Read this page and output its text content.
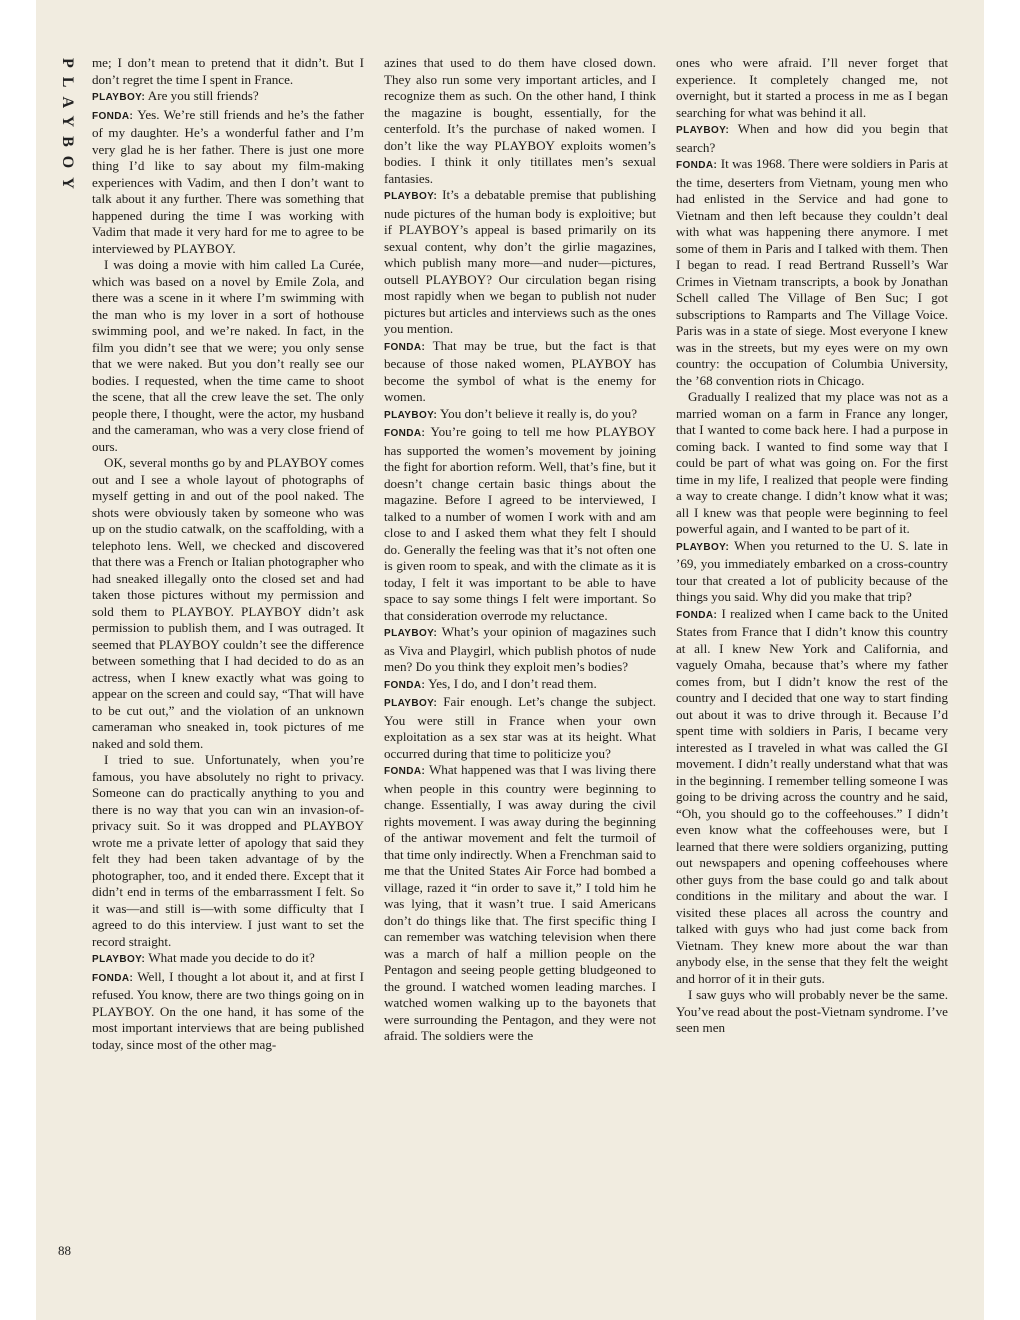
PLAYBOY me; I don’t mean to pretend that it didn’t. But I don’t regret the time I spent in France.

PLAYBOY: Are you still friends?

FONDA: Yes. We’re still friends and he’s the father of my daughter. He’s a wonderful father and I’m very glad he is her father. There is just one more thing I’d like to say about my film-making experiences with Vadim, and then I don’t want to talk about it any further. There was something that happened during the time I was working with Vadim that made it very hard for me to agree to be interviewed by PLAYBOY.

I was doing a movie with him called La Curée, which was based on a novel by Emile Zola, and there was a scene in it where I’m swimming with the man who is my lover in a sort of hothouse swimming pool, and we’re naked. In fact, in the film you didn’t see that we were; you only sense that we were naked. But you don’t really see our bodies. I requested, when the time came to shoot the scene, that all the crew leave the set. The only people there, I thought, were the actor, my husband and the cameraman, who was a very close friend of ours.

OK, several months go by and PLAYBOY comes out and I see a whole layout of photographs of myself getting in and out of the pool naked. The shots were obviously taken by someone who was up on the studio catwalk, on the scaffolding, with a telephoto lens. Well, we checked and discovered that there was a French or Italian photographer who had sneaked illegally onto the closed set and had taken those pictures without my permission and sold them to PLAYBOY. PLAYBOY didn’t ask permission to publish them, and I was outraged. It seemed that PLAYBOY couldn’t see the difference between something that I had decided to do as an actress, when I knew exactly what was going to appear on the screen and could say, “That will have to be cut out,” and the violation of an unknown cameraman who sneaked in, took pictures of me naked and sold them.

I tried to sue. Unfortunately, when you’re famous, you have absolutely no right to privacy. Someone can do practically anything to you and there is no way that you can win an invasion-of-privacy suit. So it was dropped and PLAYBOY wrote me a private letter of apology that said they felt they had been taken advantage of by the photographer, too, and it ended there. Except that it didn’t end in terms of the embarrassment I felt. So it was—and still is—with some difficulty that I agreed to do this interview. I just want to set the record straight.

PLAYBOY: What made you decide to do it?

FONDA: Well, I thought a lot about it, and at first I refused. You know, there are two things going on in PLAYBOY. On the one hand, it has some of the most important interviews that are being published today, since most of the other mag-

azines that used to do them have closed down. They also run some very important articles, and I recognize them as such. On the other hand, I think the magazine is bought, essentially, for the centerfold. It’s the purchase of naked women. I don’t like the way PLAYBOY exploits women’s bodies. I think it only titillates men’s sexual fantasies.

PLAYBOY: It’s a debatable premise that publishing nude pictures of the human body is exploitive; but if PLAYBOY’s appeal is based primarily on its sexual content, why don’t the girlie magazines, which publish many more—and nuder—pictures, outsell PLAYBOY? Our circulation began rising most rapidly when we began to publish not nuder pictures but articles and interviews such as the ones you mention.

FONDA: That may be true, but the fact is that because of those naked women, PLAYBOY has become the symbol of what is the enemy for women.

PLAYBOY: You don’t believe it really is, do you?

FONDA: You’re going to tell me how PLAYBOY has supported the women’s movement by joining the fight for abortion reform. Well, that’s fine, but it doesn’t change certain basic things about the magazine. Before I agreed to be interviewed, I talked to a number of women I work with and am close to and I asked them what they felt I should do. Generally the feeling was that it’s not often one is given room to speak, and with the climate as it is today, I felt it was important to be able to have space to say some things I felt were important. So that consideration overrode my reluctance.

PLAYBOY: What’s your opinion of magazines such as Viva and Playgirl, which publish photos of nude men? Do you think they exploit men’s bodies?

FONDA: Yes, I do, and I don’t read them.

PLAYBOY: Fair enough. Let’s change the subject. You were still in France when your own exploitation as a sex star was at its height. What occurred during that time to politicize you?

FONDA: What happened was that I was living there when people in this country were beginning to change. Essentially, I was away during the civil rights movement. I was away during the beginning of the antiwar movement and felt the turmoil of that time only indirectly. When a Frenchman said to me that the United States Air Force had bombed a village, razed it “in order to save it,” I told him he was lying, that it wasn’t true. I said Americans don’t do things like that. The first specific thing I can remember was watching television when there was a march of half a million people on the Pentagon and seeing people getting bludgeoned to the ground. I watched women leading marches. I watched women walking up to the bayonets that were surrounding the Pentagon, and they were not afraid. The soldiers were the

ones who were afraid. I’ll never forget that experience. It completely changed me, not overnight, but it started a process in me as I began searching for what was behind it all.

PLAYBOY: When and how did you begin that search?

FONDA: It was 1968. There were soldiers in Paris at the time, deserters from Vietnam, young men who had enlisted in the Service and had gone to Vietnam and then left because they couldn’t deal with what was happening there anymore. I met some of them in Paris and I talked with them. Then I began to read. I read Bertrand Russell’s War Crimes in Vietnam transcripts, a book by Jonathan Schell called The Village of Ben Suc; I got subscriptions to Ramparts and The Village Voice. Paris was in a state of siege. Most everyone I knew was in the streets, but my eyes were on my own country: the occupation of Columbia University, the ’68 convention riots in Chicago.

Gradually I realized that my place was not as a married woman on a farm in France any longer, that I wanted to come back here. I had a purpose in coming back. I wanted to find some way that I could be part of what was going on. For the first time in my life, I realized that people were finding a way to create change. I didn’t know what it was; all I knew was that people were beginning to feel powerful again, and I wanted to be part of it.

PLAYBOY: When you returned to the U. S. late in ’69, you immediately embarked on a cross-country tour that created a lot of publicity because of the things you said. Why did you make that trip?

FONDA: I realized when I came back to the United States from France that I didn’t know this country at all. I knew New York and California, and vaguely Omaha, because that’s where my father comes from, but I didn’t know the rest of the country and I decided that one way to start finding out about it was to drive through it. Because I’d spent time with soldiers in Paris, I became very interested as I traveled in what was called the GI movement. I didn’t really understand what that was in the beginning. I remember telling someone I was going to be driving across the country and he said, “Oh, you should go to the coffeehouses.” I didn’t even know what the coffeehouses were, but I learned that there were soldiers organizing, putting out newspapers and opening coffeehouses where other guys from the base could go and talk about conditions in the military and about the war. I visited these places all across the country and talked with guys who had just come back from Vietnam. They knew more about the war than anybody else, in the sense that they felt the weight and horror of it in their guts.

I saw guys who will probably never be the same. You’ve read about the post-Vietnam syndrome. I’ve seen men

88
